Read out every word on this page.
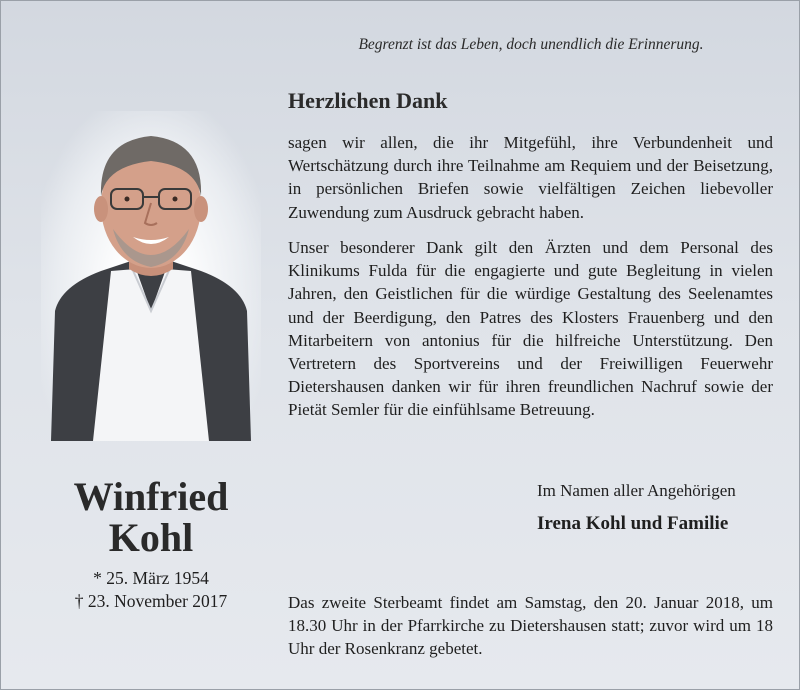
Begrenzt ist das Leben, doch unendlich die Erinnerung.
Herzlichen Dank

sagen wir allen, die ihr Mitgefühl, ihre Verbundenheit und Wertschätzung durch ihre Teilnahme am Requiem und der Beisetzung, in persönlichen Briefen sowie vielfältigen Zeichen liebevoller Zuwendung zum Ausdruck gebracht haben.

Unser besonderer Dank gilt den Ärzten und dem Personal des Klinikums Fulda für die engagierte und gute Begleitung in vielen Jahren, den Geistlichen für die würdige Gestaltung des Seelenamtes und der Beerdigung, den Patres des Klosters Frauenberg und den Mitarbeitern von antonius für die hilfreiche Unterstützung. Den Vertretern des Sportvereins und der Freiwilligen Feuerwehr Dietershausen danken wir für ihren freundlichen Nachruf sowie der Pietät Semler für die einfühlsame Betreuung.

Winfried
Kohl
* 25. März 1954
† 23. November 2017
Im Namen aller Angehörigen
Irena Kohl und Familie

Das zweite Sterbeamt findet am Samstag, den 20. Januar 2018, um 18.30 Uhr in der Pfarrkirche zu Dietershausen statt; zuvor wird um 18 Uhr der Rosenkranz gebetet.
